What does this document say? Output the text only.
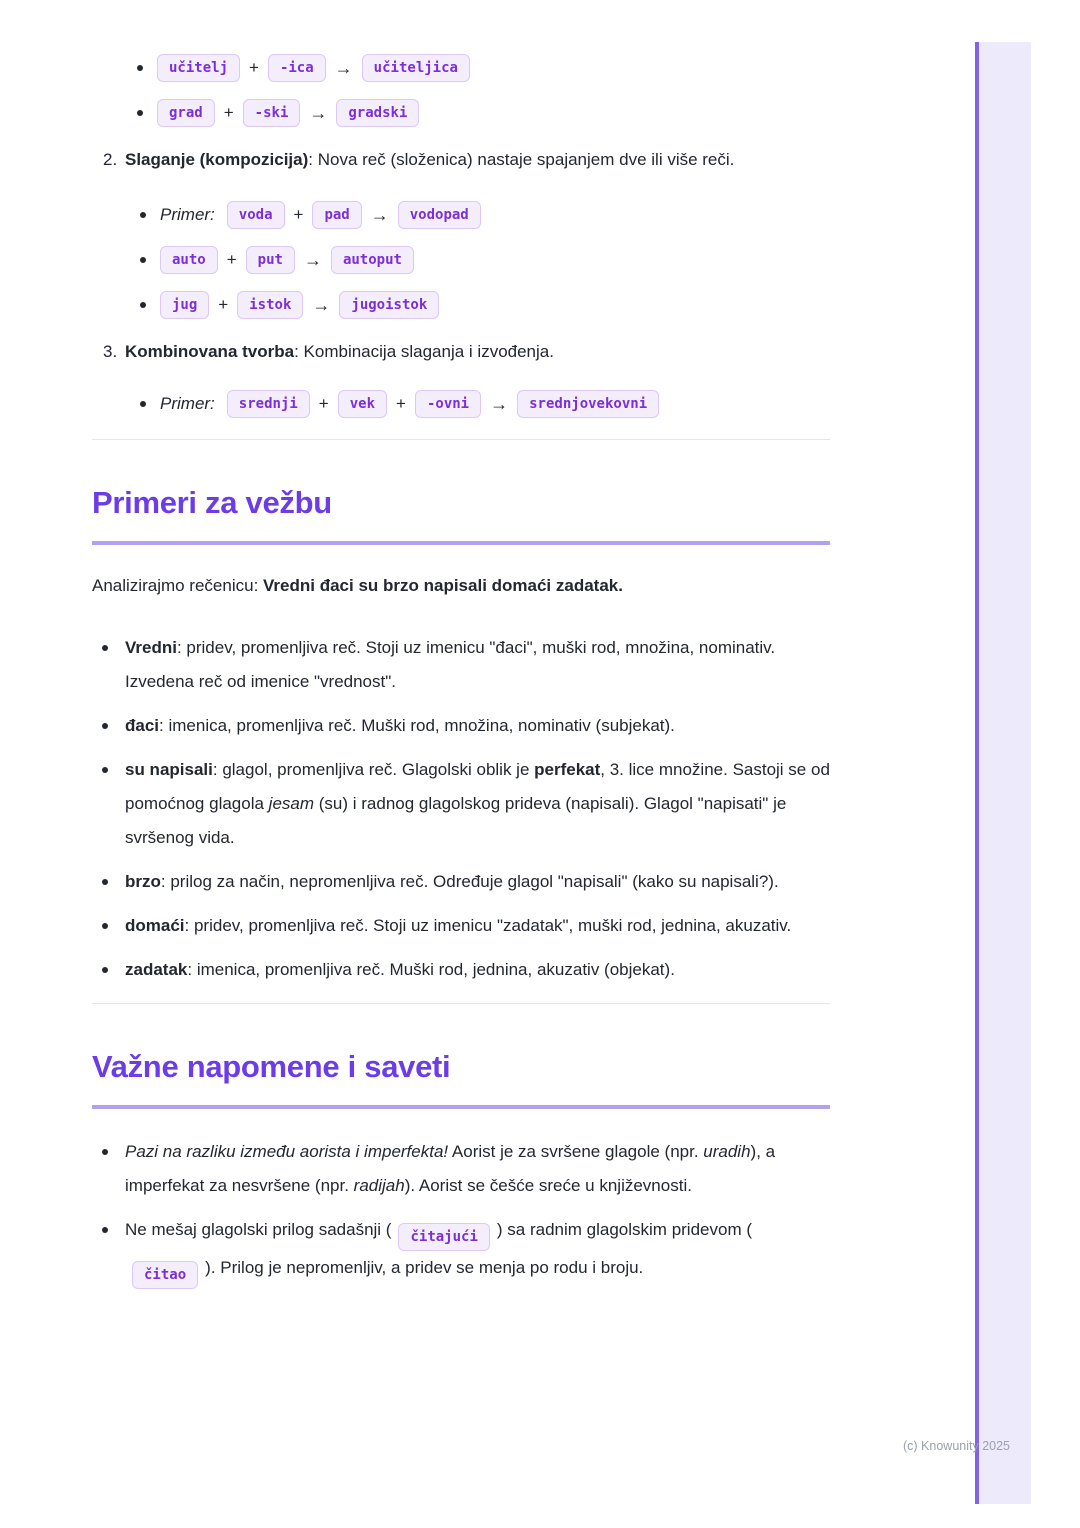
učitelj	+	-ica	→	učiteljica
grad	+	-ski	→	gradski
2. Slaganje (kompozicija): Nova reč (složenica) nastaje spajanjem dve ili više reči.

Primer:	voda	+	pad	→	vodopad
auto	+	put	→	autoput
jug	+	istok	→	jugoistok
3. Kombinovana tvorba: Kombinacija slaganja i izvođenja.

Primer:	srednji	+	vek	+	-ovni	→	srednjovekovni
Primeri za vežbu

Analizirajmo rečenicu: Vredni đaci su brzo napisali domaći zadatak.

Vredni: pridev, promenljiva reč. Stoji uz imenicu "đaci", muški rod, množina, nominativ. Izvedena reč od imenice "vrednost".
đaci: imenica, promenljiva reč. Muški rod, množina, nominativ (subjekat).
su napisali: glagol, promenljiva reč. Glagolski oblik je perfekat, 3. lice množine. Sastoji se od pomoćnog glagola jesam (su) i radnog glagolskog prideva (napisali). Glagol "napisati" je svršenog vida.
brzo: prilog za način, nepromenljiva reč. Određuje glagol "napisali" (kako su napisali?).
domaći: pridev, promenljiva reč. Stoji uz imenicu "zadatak", muški rod, jednina, akuzativ.
zadatak: imenica, promenljiva reč. Muški rod, jednina, akuzativ (objekat).
Važne napomene i saveti
Pazi na razliku između aorista i imperfekta! Aorist je za svršene glagole (npr. uradih), a imperfekat za nesvršene (npr. radijah). Aorist se češće sreće u književnosti.
Ne mešaj glagolski prilog sadašnji ( čitajući ) sa radnim glagolskim pridevom (čitao ). Prilog je nepromenljiv, a pridev se menja po rodu i broju.
(c) Knowunity 2025
